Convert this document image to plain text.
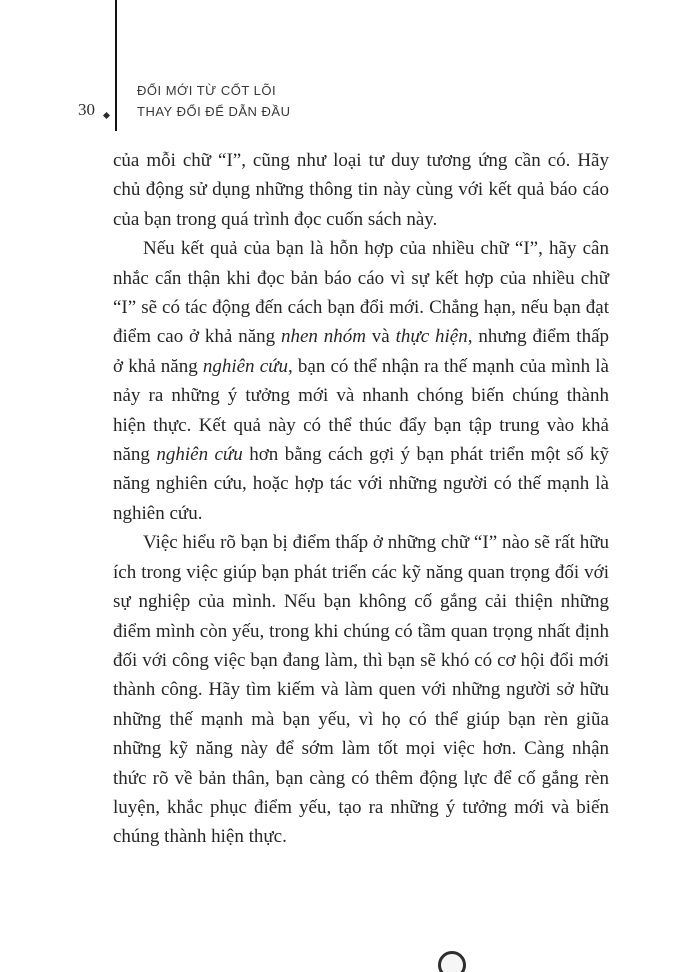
30
ĐỔI MỚI TỪ CỐT LÕI
THAY ĐỔI ĐỂ DẪN ĐẦU

của mỗi chữ “I”, cũng như loại tư duy tương ứng cần có. Hãy chủ động sử dụng những thông tin này cùng với kết quả báo cáo của bạn trong quá trình đọc cuốn sách này.

Nếu kết quả của bạn là hỗn hợp của nhiều chữ “I”, hãy cân nhắc cẩn thận khi đọc bản báo cáo vì sự kết hợp của nhiều chữ “I” sẽ có tác động đến cách bạn đổi mới. Chẳng hạn, nếu bạn đạt điểm cao ở khả năng nhen nhóm và thực hiện, nhưng điểm thấp ở khả năng nghiên cứu, bạn có thể nhận ra thế mạnh của mình là nảy ra những ý tưởng mới và nhanh chóng biến chúng thành hiện thực. Kết quả này có thể thúc đẩy bạn tập trung vào khả năng nghiên cứu hơn bằng cách gợi ý bạn phát triển một số kỹ năng nghiên cứu, hoặc hợp tác với những người có thế mạnh là nghiên cứu.

Việc hiểu rõ bạn bị điểm thấp ở những chữ “I” nào sẽ rất hữu ích trong việc giúp bạn phát triển các kỹ năng quan trọng đối với sự nghiệp của mình. Nếu bạn không cố gắng cải thiện những điểm mình còn yếu, trong khi chúng có tầm quan trọng nhất định đối với công việc bạn đang làm, thì bạn sẽ khó có cơ hội đổi mới thành công. Hãy tìm kiếm và làm quen với những người sở hữu những thế mạnh mà bạn yếu, vì họ có thể giúp bạn rèn giũa những kỹ năng này để sớm làm tốt mọi việc hơn. Càng nhận thức rõ về bản thân, bạn càng có thêm động lực để cố gắng rèn luyện, khắc phục điểm yếu, tạo ra những ý tưởng mới và biến chúng thành hiện thực.
